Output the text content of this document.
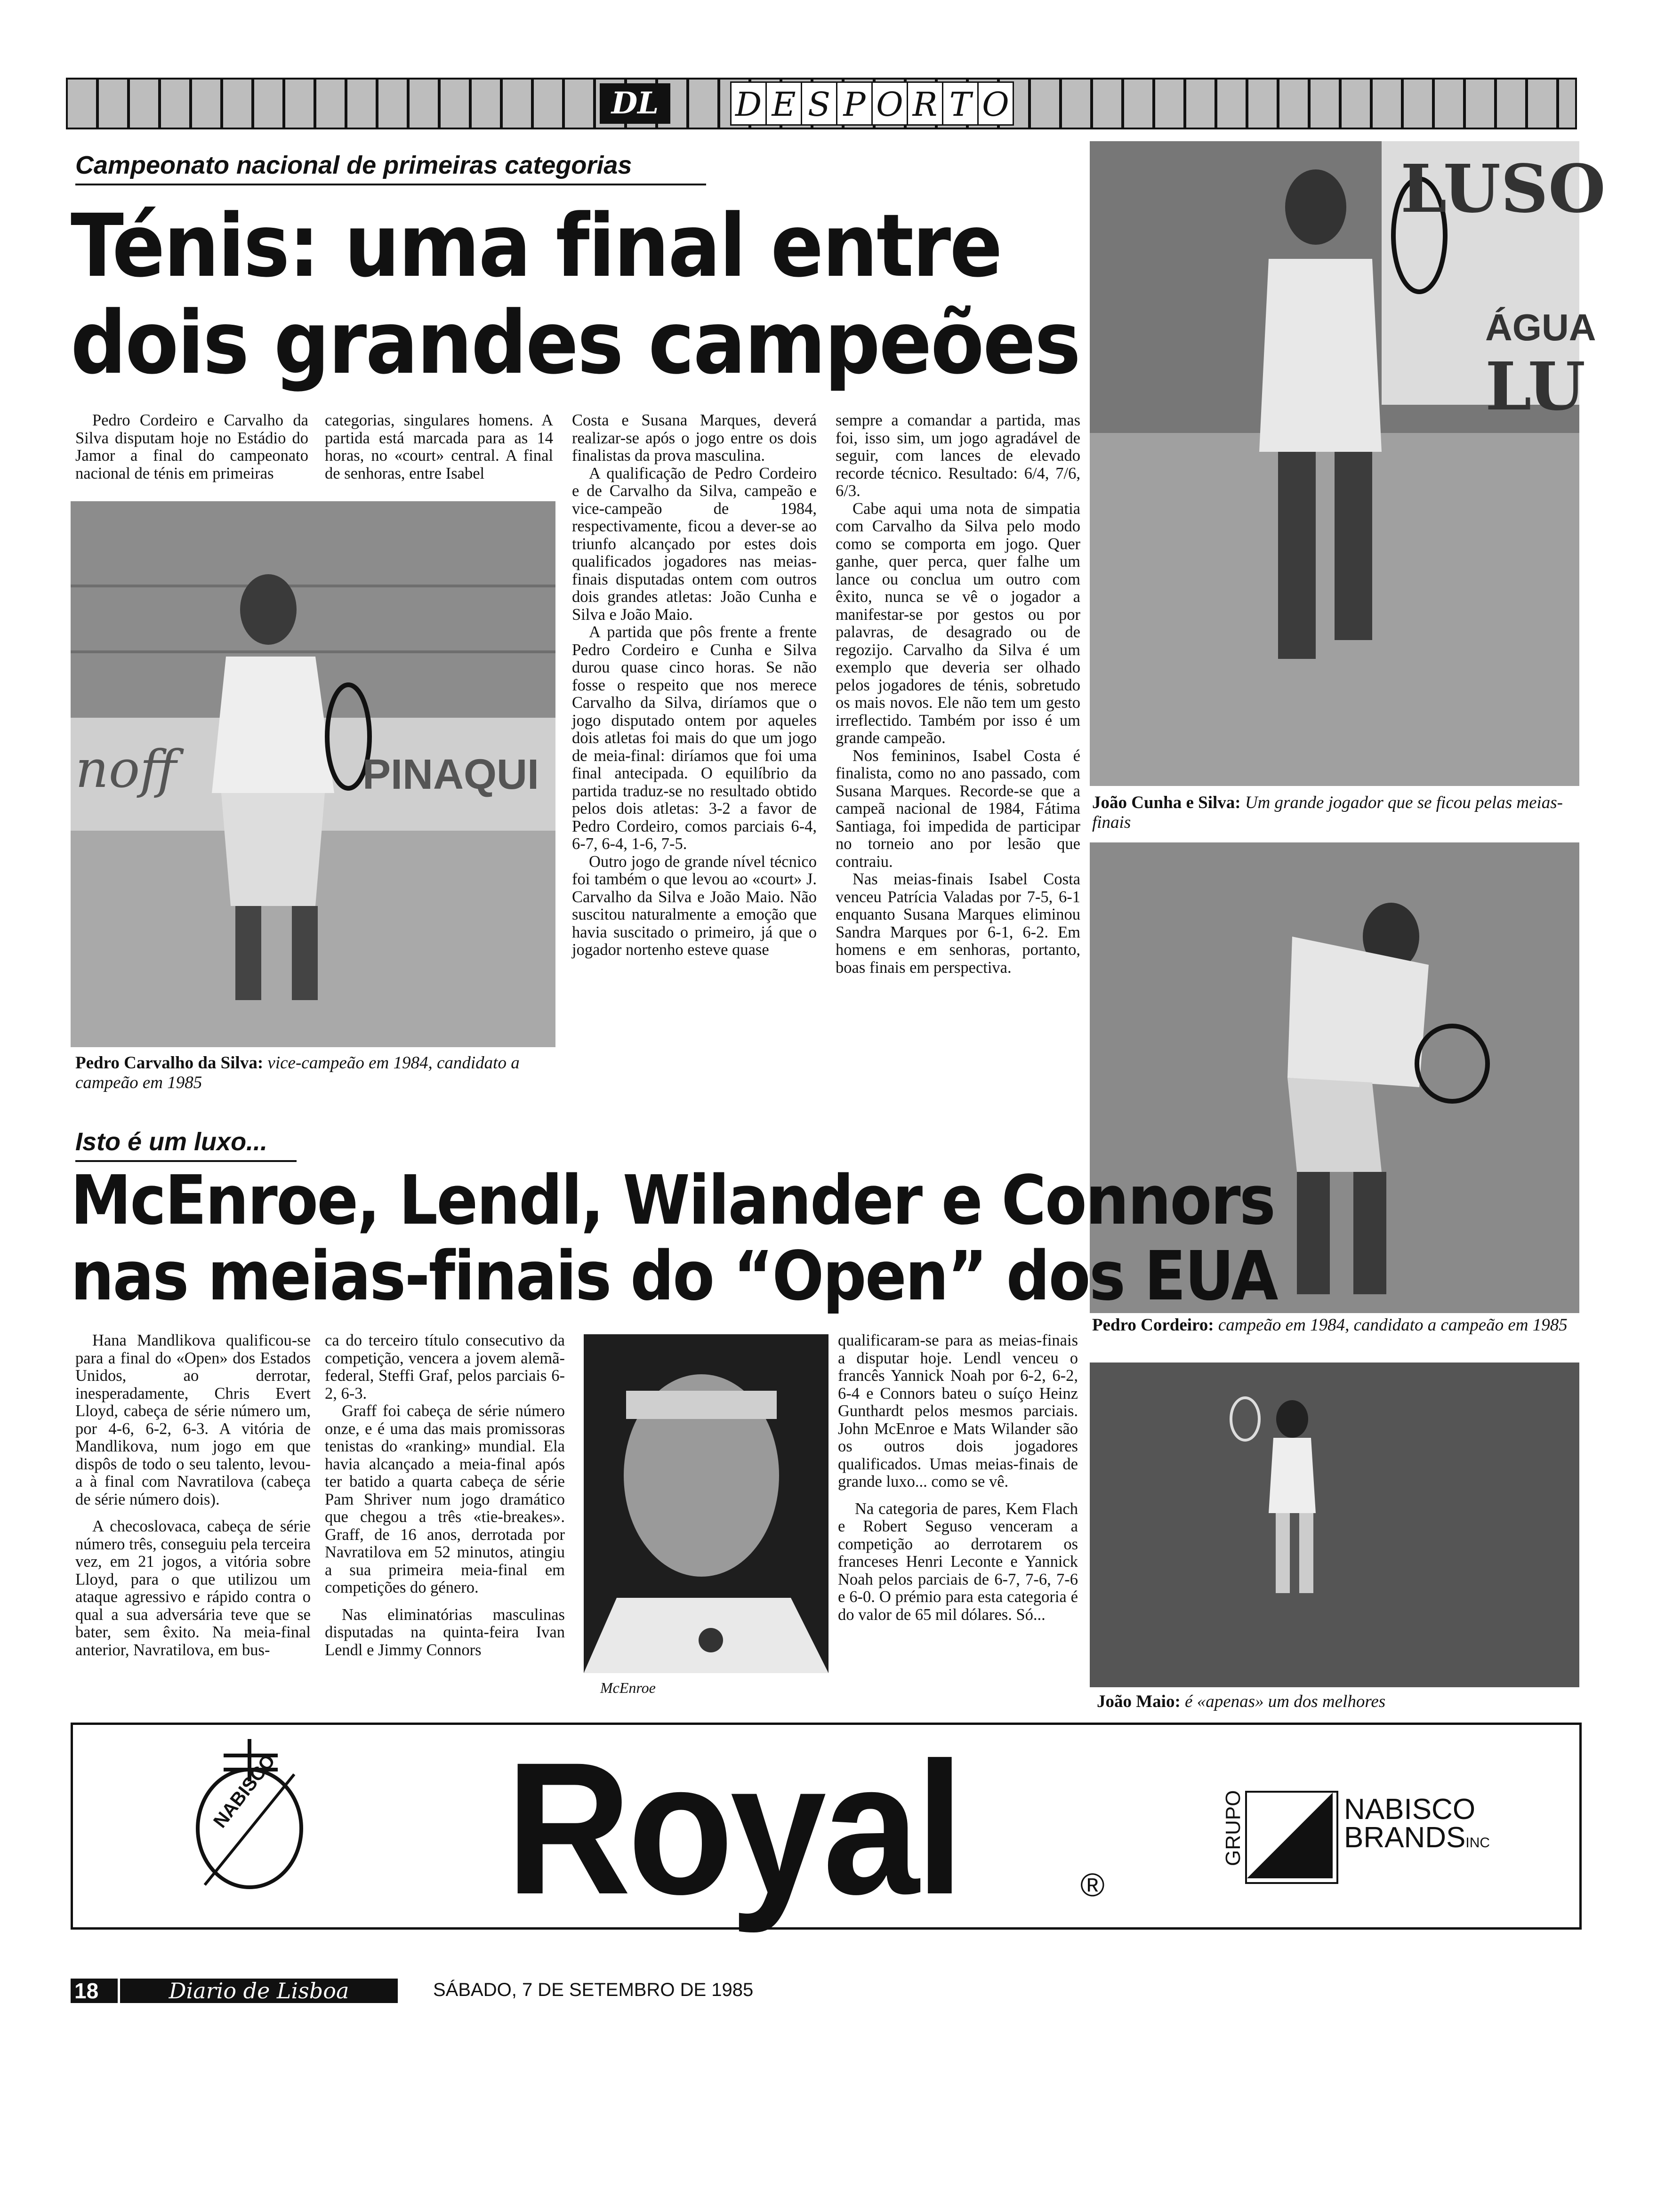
DL	D E S P O R T O
Campeonato nacional de primeiras categorias
Ténis: uma final entre
dois grandes campeões

Pedro Cordeiro e Carvalho da Silva disputam hoje no Estádio do Jamor a final do campeonato nacional de ténis em primeiras

categorias, singulares homens. A partida está marcada para as 14 horas, no «court» central. A final de senhoras, entre Isabel

noff	PINAQUI
Pedro Carvalho da Silva: vice-campeão em 1984, candidato a campeão em 1985

Costa e Susana Marques, deverá realizar-se após o jogo entre os dois finalistas da prova masculina.

A qualificação de Pedro Cordeiro e de Carvalho da Silva, campeão e vice-campeão de 1984, respectivamente, ficou a dever-se ao triunfo alcançado por estes dois qualificados jogadores nas meias-finais disputadas ontem com outros dois grandes atletas: João Cunha e Silva e João Maio.

A partida que pôs frente a frente Pedro Cordeiro e Cunha e Silva durou quase cinco horas. Se não fosse o respeito que nos merece Carvalho da Silva, diríamos que o jogo disputado ontem por aqueles dois atletas foi mais do que um jogo de meia-final: diríamos que foi uma final antecipada. O equilíbrio da partida traduz-se no resultado obtido pelos dois atletas: 3-2 a favor de Pedro Cordeiro, comos parciais 6-4, 6-7, 6-4, 1-6, 7-5.

Outro jogo de grande nível técnico foi também o que levou ao «court» J. Carvalho da Silva e João Maio. Não suscitou naturalmente a emoção que havia suscitado o primeiro, já que o jogador nortenho esteve quase

sempre a comandar a partida, mas foi, isso sim, um jogo agradável de seguir, com lances de elevado recorde técnico. Resultado: 6/4, 7/6, 6/3.

Cabe aqui uma nota de simpatia com Carvalho da Silva pelo modo como se comporta em jogo. Quer ganhe, quer perca, quer falhe um lance ou conclua um outro com êxito, nunca se vê o jogador a manifestar-se por gestos ou por palavras, de desagrado ou de regozijo. Carvalho da Silva é um exemplo que deveria ser olhado pelos jogadores de ténis, sobretudo os mais novos. Ele não tem um gesto irreflectido. Também por isso é um grande campeão.

Nos femininos, Isabel Costa é finalista, como no ano passado, com Susana Marques. Recorde-se que a campeã nacional de 1984, Fátima Santiaga, foi impedida de participar no torneio ano por lesão que contraiu.

Nas meias-finais Isabel Costa venceu Patrícia Valadas por 7-5, 6-1 enquanto Susana Marques eliminou Sandra Marques por 6-1, 6-2. Em homens e em senhoras, portanto, boas finais em perspectiva.

LUSO
ÁGUA
LU
João Cunha e Silva: Um grande jogador que se ficou pelas meias-finais
Pedro Cordeiro: campeão em 1984, candidato a campeão em 1985
João Maio: é «apenas» um dos melhores
Isto é um luxo...
McEnroe, Lendl, Wilander e Connors
nas meias-finais do “Open” dos EUA

Hana Mandlikova qualificou-se para a final do «Open» dos Estados Unidos, ao derrotar, inesperadamente, Chris Evert Lloyd, cabeça de série número um, por 4-6, 6-2, 6-3. A vitória de Mandlikova, num jogo em que dispôs de todo o seu talento, levou-a à final com Navratilova (cabeça de série número dois).

A checoslovaca, cabeça de série número três, conseguiu pela terceira vez, em 21 jogos, a vitória sobre Lloyd, para o que utilizou um ataque agressivo e rápido contra o qual a sua adversária teve que se bater, sem êxito. Na meia-final anterior, Navratilova, em bus-

ca do terceiro título consecutivo da competição, vencera a jovem alemã-federal, Steffi Graf, pelos parciais 6-2, 6-3.

Graff foi cabeça de série número onze, e é uma das mais promissoras tenistas do «ranking» mundial. Ela havia alcançado a meia-final após ter batido a quarta cabeça de série Pam Shriver num jogo dramático que chegou a três «tie-breakes». Graff, de 16 anos, derrotada por Navratilova em 52 minutos, atingiu a sua primeira meia-final em competições do género.

Nas eliminatórias masculinas disputadas na quinta-feira Ivan Lendl e Jimmy Connors

McEnroe

qualificaram-se para as meias-finais a disputar hoje. Lendl venceu o francês Yannick Noah por 6-2, 6-2, 6-4 e Connors bateu o suíço Heinz Gunthardt pelos mesmos parciais. John McEnroe e Mats Wilander são os outros dois jogadores qualificados. Umas meias-finais de grande luxo... como se vê.

Na categoria de pares, Kem Flach e Robert Seguso venceram a competição ao derrotarem os franceses Henri Leconte e Yannick Noah pelos parciais de 6-7, 7-6, 7-6 e 6-0. O prémio para esta categoria é do valor de 65 mil dólares. Só...

NABISCO Royal	®
GRUPO	NABISCO
BRANDSINC
18	Diario de Lisboa	SÁBADO, 7 DE SETEMBRO DE 1985
